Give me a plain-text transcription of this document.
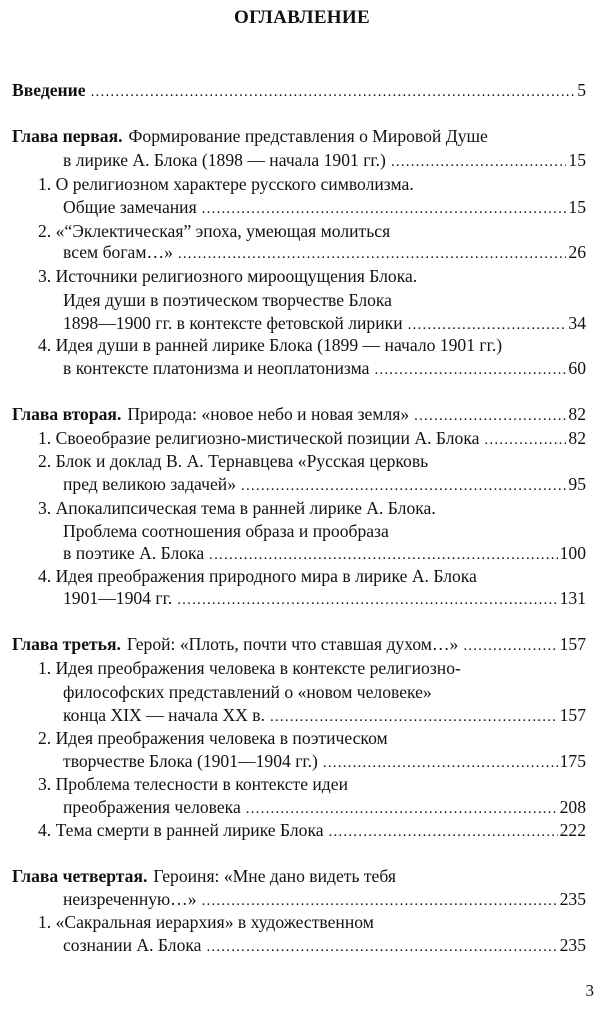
ОГЛАВЛЕНИЕ
Введение .....	5
Глава первая. Формирование представления о Мировой Душе
в лирике А. Блока (1898 — начала 1901 гг.) .....	15
1. О религиозном характере русского символизма.
Общие замечания .....	15
2. «“Эклектическая” эпоха, умеющая молиться
всем богам…» .....	26
3. Источники религиозного мироощущения Блока.
Идея души в поэтическом творчестве Блока
1898—1900 гг. в контексте фетовской лирики .....	34
4. Идея души в ранней лирике Блока (1899 — начало 1901 гг.)
в контексте платонизма и неоплатонизма .....	60
Глава вторая. Природа: «новое небо и новая земля» .....	82
1. Своеобразие религиозно-мистической позиции А. Блока .....	82
2. Блок и доклад В. А. Тернавцева «Русская церковь
пред великою задачей» .....	95
3. Апокалипсическая тема в ранней лирике А. Блока.
Проблема соотношения образа и прообраза
в поэтике А. Блока .....	100
4. Идея преображения природного мира в лирике А. Блока
1901—1904 гг. .....	131
Глава третья. Герой: «Плоть, почти что ставшая духом…» .....	157
1. Идея преображения человека в контексте религиозно-
философских представлений о «новом человеке»
конца XIX — начала XX в. .....	157
2. Идея преображения человека в поэтическом
творчестве Блока (1901—1904 гг.) .....	175
3. Проблема телесности в контексте идеи
преображения человека .....	208
4. Тема смерти в ранней лирике Блока .....	222
Глава четвертая. Героиня: «Мне дано видеть тебя
неизреченную…» .....	235
1. «Сакральная иерархия» в художественном
сознании А. Блока .....	235
3
